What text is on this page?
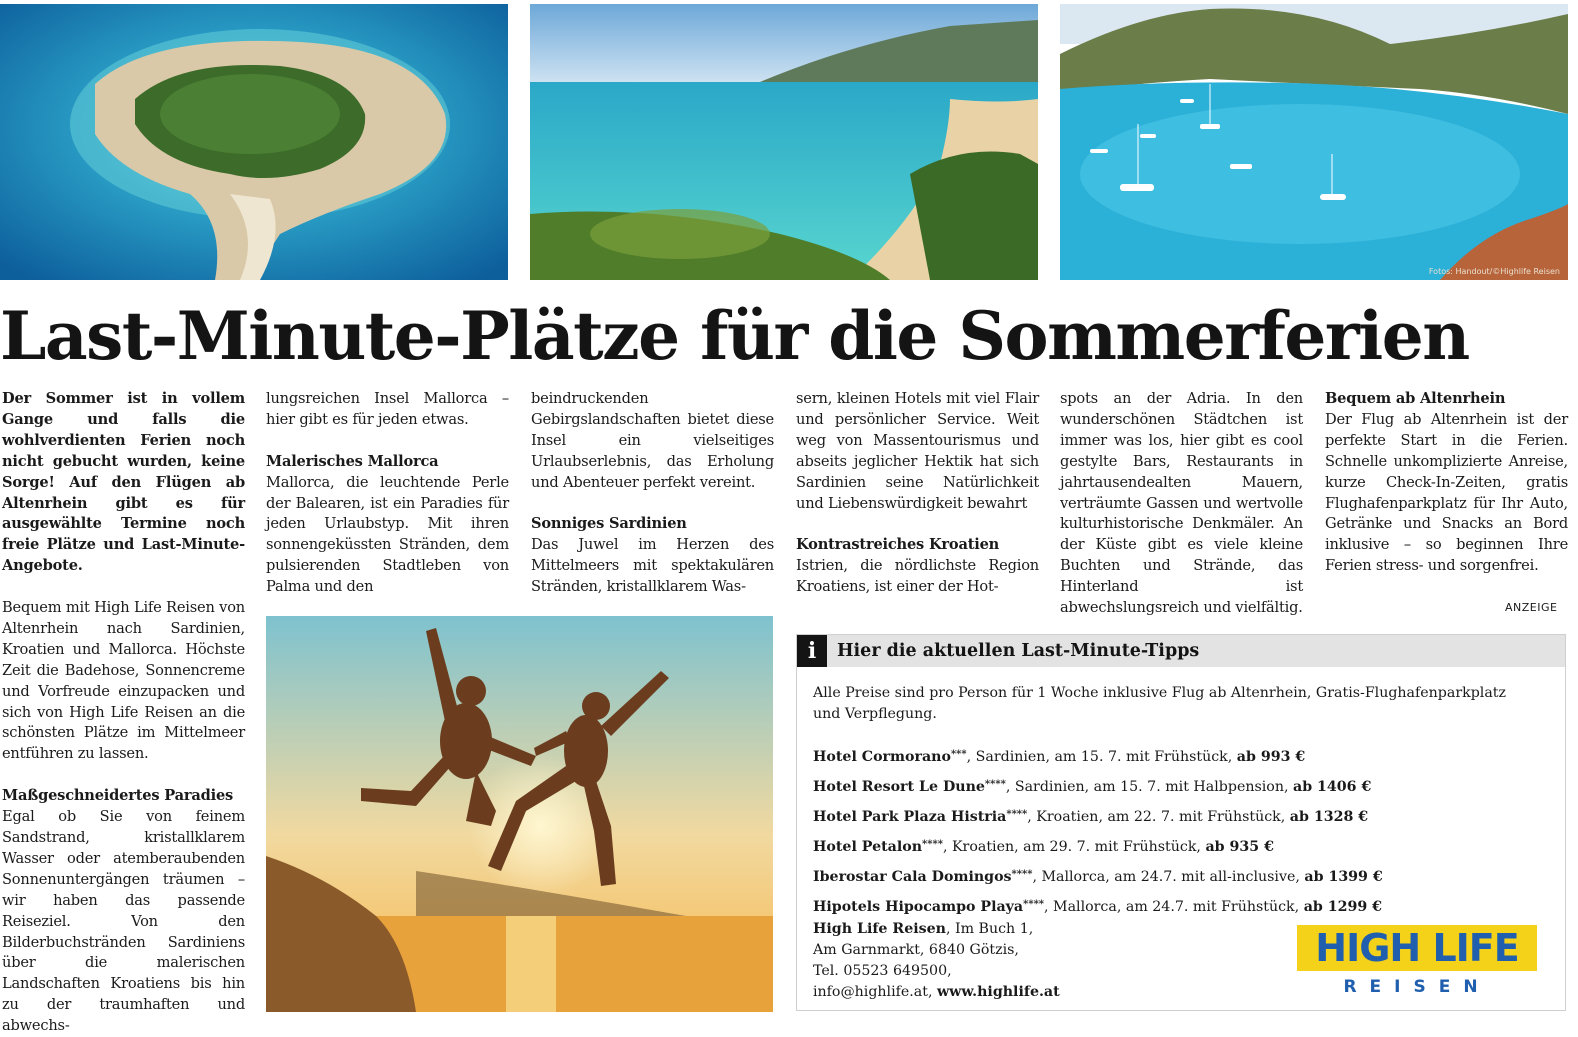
Fotos: Handout/©Highlife Reisen
Last-Minute-Plätze für die Sommerferien

Der Sommer ist in vollem Gange und falls die wohlverdienten Ferien noch nicht gebucht wurden, keine Sorge! Auf den Flügen ab Altenrhein gibt es für ausgewählte Termine noch freie Plätze und Last-Minute-Angebote.

Bequem mit High Life Reisen von Altenrhein nach Sardinien, Kroatien und Mallorca. Höchste Zeit die Badehose, Sonnencreme und Vorfreude einzupacken und sich von High Life Reisen an die schönsten Plätze im Mittelmeer entführen zu lassen.

Maßgeschneidertes Paradies

Egal ob Sie von feinem Sandstrand, kristallklarem Wasser oder atemberaubenden Sonnenuntergängen träumen – wir haben das passende Reiseziel. Von den Bilderbuchstränden Sardiniens über die malerischen Landschaften Kroatiens bis hin zu der traumhaften und abwechs-

lungsreichen Insel Mallorca – hier gibt es für jeden etwas.

Malerisches Mallorca

Mallorca, die leuchtende Perle der Balearen, ist ein Paradies für jeden Urlaubstyp. Mit ihren sonnengeküssten Stränden, dem pulsierenden Stadtleben von Palma und den

beindruckenden Gebirgslandschaften bietet diese Insel ein vielseitiges Urlaubserlebnis, das Erholung und Abenteuer perfekt vereint.

Sonniges Sardinien

Das Juwel im Herzen des Mittelmeers mit spektakulären Stränden, kristallklarem Was-

sern, kleinen Hotels mit viel Flair und persönlicher Service. Weit weg von Massentourismus und abseits jeglicher Hektik hat sich Sardinien seine Natürlichkeit und Liebenswürdigkeit bewahrt

Kontrastreiches Kroatien

Istrien, die nördlichste Region Kroatiens, ist einer der Hot-

spots an der Adria. In den wunderschönen Städtchen ist immer was los, hier gibt es cool gestylte Bars, Restaurants in jahrtausendealten Mauern, verträumte Gassen und wertvolle kulturhistorische Denkmäler. An der Küste gibt es viele kleine Buchten und Strände, das Hinterland ist abwechslungsreich und vielfältig.

Bequem ab Altenrhein

Der Flug ab Altenrhein ist der perfekte Start in die Ferien. Schnelle unkomplizierte Anreise, kurze Check-In-Zeiten, gratis Flughafenparkplatz für Ihr Auto, Getränke und Snacks an Bord inklusive – so beginnen Ihre Ferien stress- und sorgenfrei.

ANZEIGE
i	Hier die aktuellen Last-Minute-Tipps
Alle Preise sind pro Person für 1 Woche inklusive Flug ab Altenrhein, Gratis-Flughafenparkplatz und Verpflegung.
Hotel Cormorano***, Sardinien, am 15. 7. mit Frühstück, ab 993 €
Hotel Resort Le Dune****, Sardinien, am 15. 7. mit Halbpension, ab 1406 €
Hotel Park Plaza Histria****, Kroatien, am 22. 7. mit Frühstück, ab 1328 €
Hotel Petalon****, Kroatien, am 29. 7. mit Frühstück, ab 935 €
Iberostar Cala Domingos****, Mallorca, am 24.7. mit all-inclusive, ab 1399 €
Hipotels Hipocampo Playa****, Mallorca, am 24.7. mit Frühstück, ab 1299 €
High Life Reisen, Im Buch 1,
Am Garnmarkt, 6840 Götzis,
Tel. 05523 649500,
info@highlife.at, www.highlife.at
HIGH LIFE
REISEN
